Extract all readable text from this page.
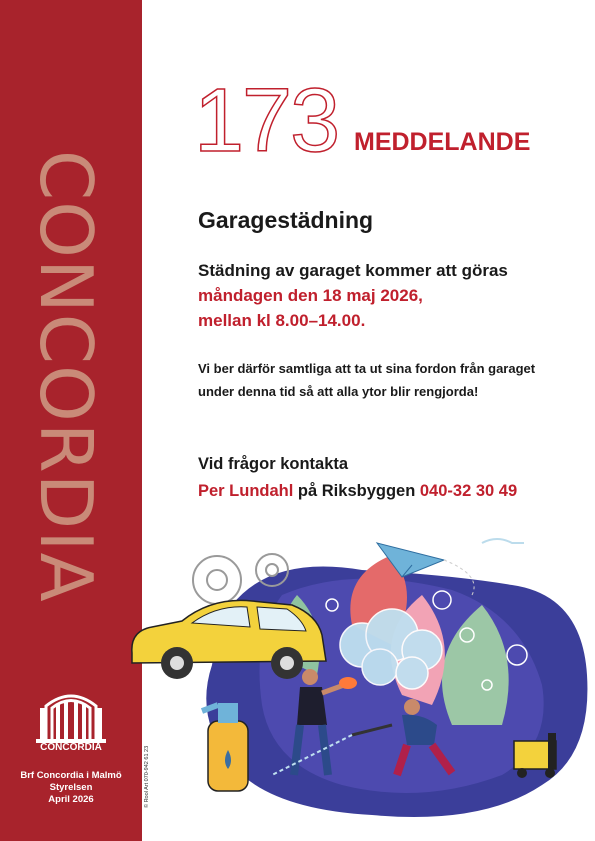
CONCORDIA
CONCORDIA
Brf Concordia i Malmö
Styrelsen
April 2026	© Rool Art 070-942 61 23
173 MEDDELANDE
Garagestädning
Städning av garaget kommer att göras
måndagen den 18 maj 2026,
mellan kl 8.00–14.00.
Vi ber därför samtliga att ta ut sina fordon från garaget under denna tid så att alla ytor blir rengjorda!
Vid frågor kontakta
Per Lundahl på Riksbyggen 040-32 30 49
